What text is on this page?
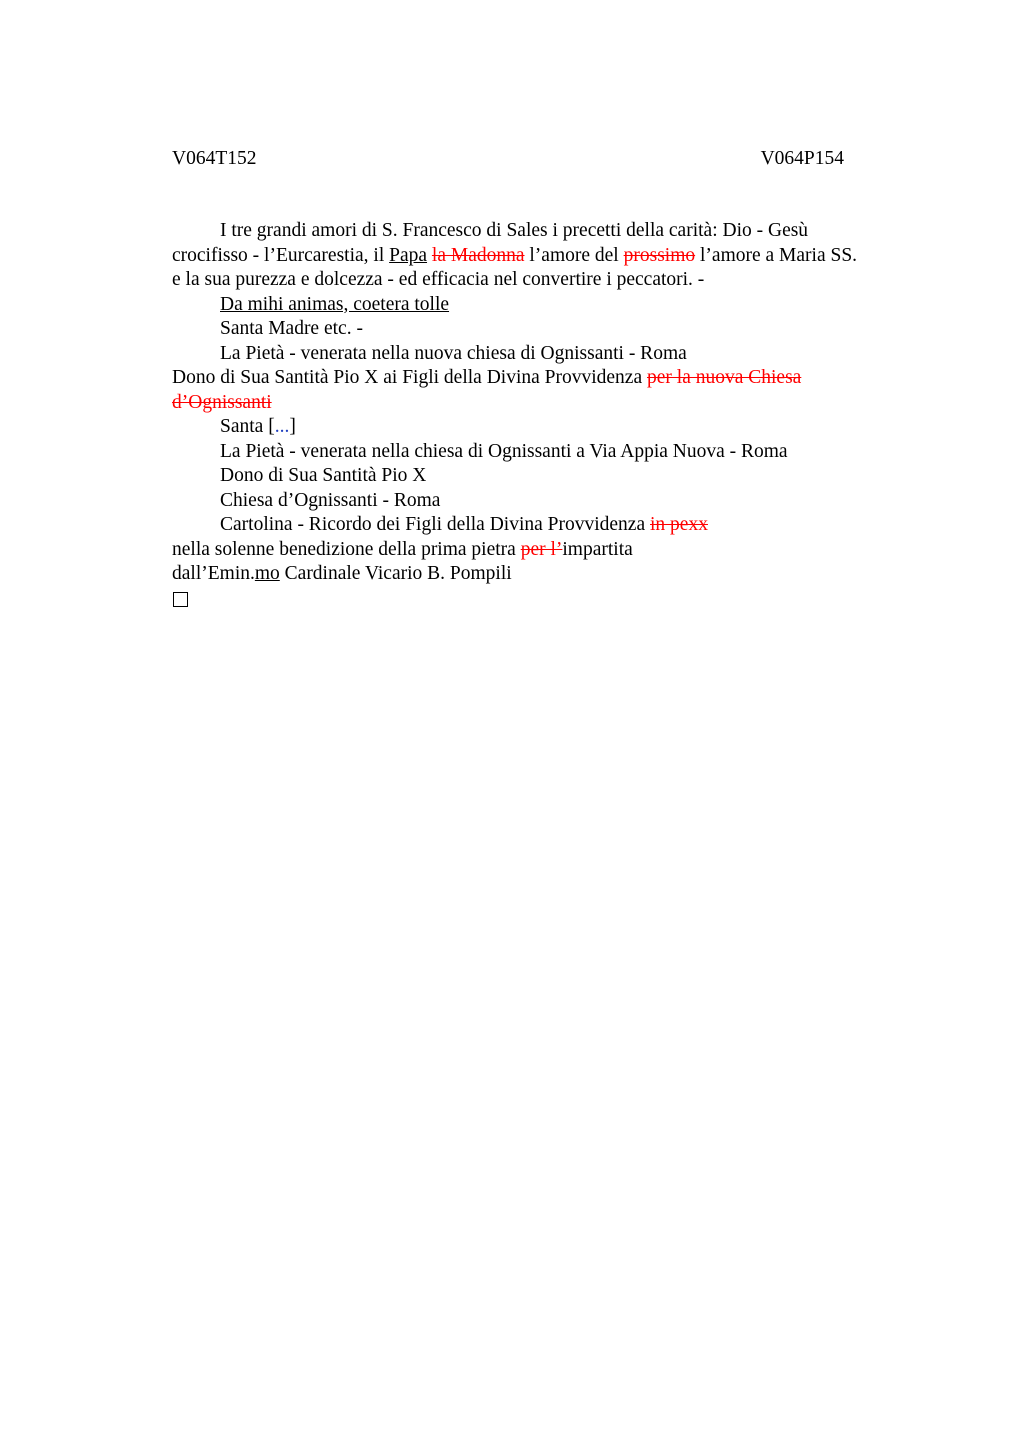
V064T152	V064P154
I tre grandi amori di S. Francesco di Sales i precetti della carità: Dio - Gesù
crocifisso - l’Eurcarestia, il Papa la Madonna l’amore del prossimo l’amore a Maria SS.
e la sua purezza e dolcezza - ed efficacia nel convertire i peccatori. -
Da mihi animas, coetera tolle
Santa Madre etc. -
La Pietà - venerata nella nuova chiesa di Ognissanti - Roma
Dono di Sua Santità Pio X ai Figli della Divina Provvidenza per la nuova Chiesa
d’Ognissanti
Santa [...]
La Pietà - venerata nella chiesa di Ognissanti a Via Appia Nuova - Roma
Dono di Sua Santità Pio X
Chiesa d’Ognissanti - Roma
Cartolina - Ricordo dei Figli della Divina Provvidenza in pexx
nella solenne benedizione della prima pietra per l’impartita
dall’Emin.mo Cardinale Vicario B. Pompili
